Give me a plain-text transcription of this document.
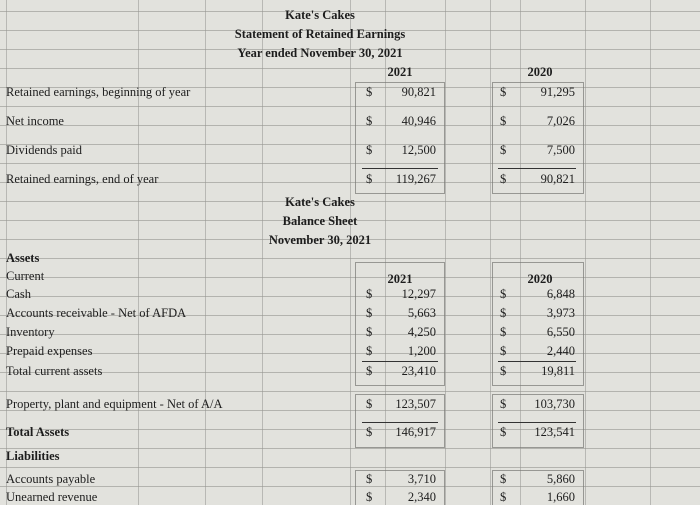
Kate's Cakes
Statement of Retained Earnings
Year ended November 30, 2021
2021	2020
Retained earnings, beginning of year	$	90,821	$	91,295
Net income	$	40,946	$	7,026
Dividends paid	$	12,500	$	7,500
Retained earnings, end of year	$	119,267	$	90,821
Kate's Cakes
Balance Sheet
November 30, 2021
Assets
Current	2021	2020
Cash	$	12,297	$	6,848
Accounts receivable - Net of AFDA	$	5,663	$	3,973
Inventory	$	4,250	$	6,550
Prepaid expenses	$	1,200	$	2,440
Total current assets	$	23,410	$	19,811
Property, plant and equipment - Net of A/A	$	123,507	$	103,730
Total Assets	$	146,917	$	123,541
Accounts payable	$	3,710	$	5,860
Unearned revenue	$	2,340	$	1,660
Liabilities
